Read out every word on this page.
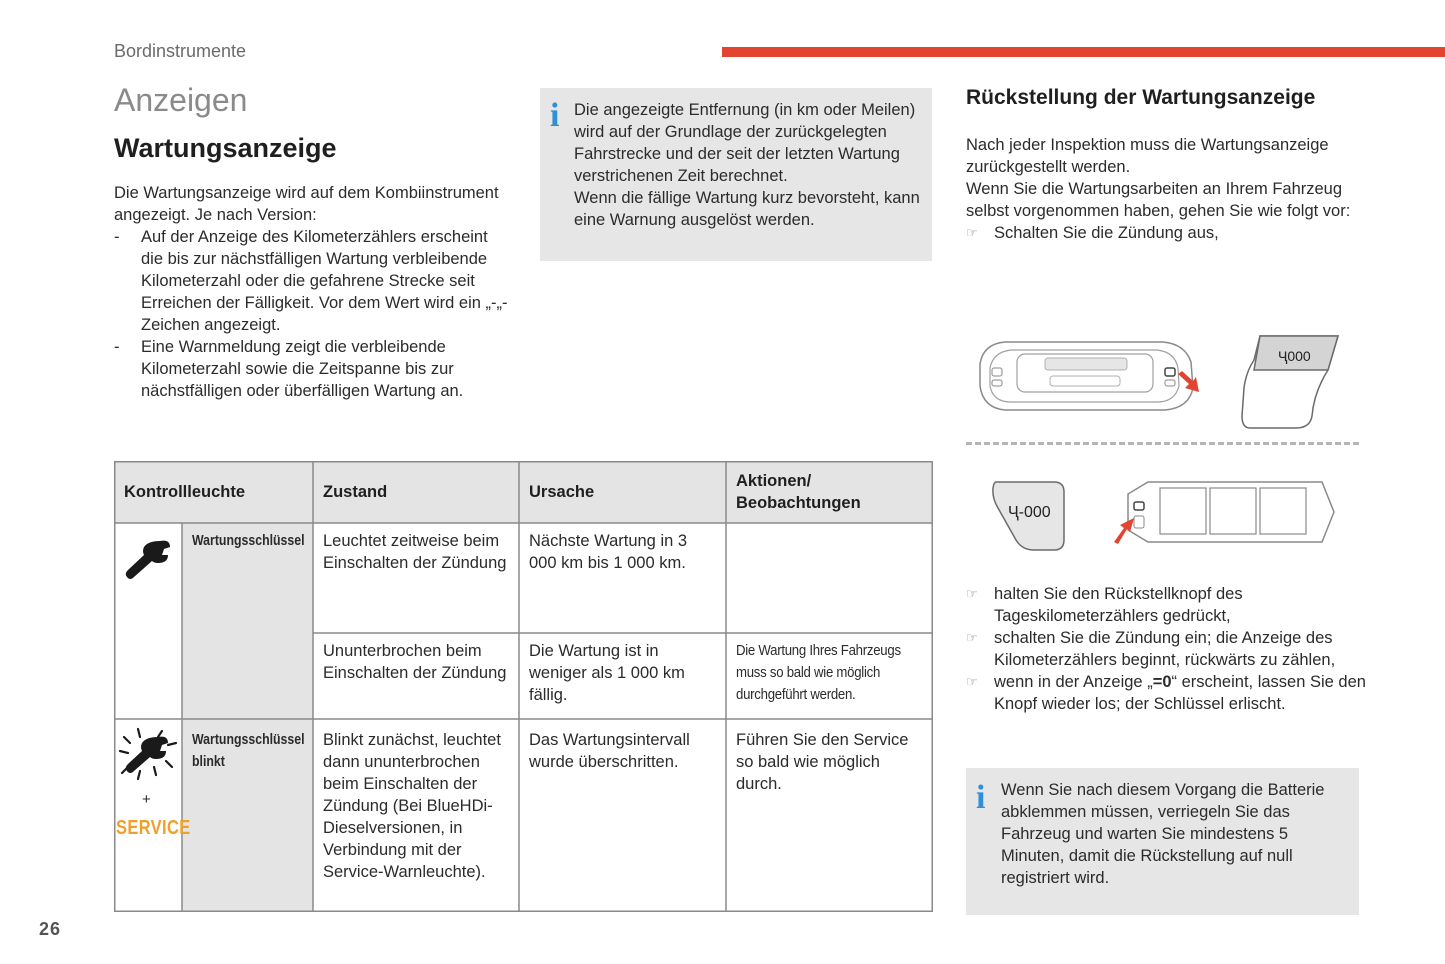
Bordinstrumente
Anzeigen
Wartungsanzeige
Die Wartungsanzeige wird auf dem Kombiinstrument angezeigt. Je nach Version:
- Auf der Anzeige des Kilometerzählers erscheint die bis zur nächstfälligen Wartung verbleibende Kilometerzahl oder die gefahrene Strecke seit Erreichen der Fälligkeit. Vor dem Wert wird ein „-„-Zeichen angezeigt.
- Eine Warnmeldung zeigt die verbleibende Kilometerzahl sowie die Zeitspanne bis zur nächstfälligen oder überfälligen Wartung an.
i Die angezeigte Entfernung (in km oder Meilen) wird auf der Grundlage der zurückgelegten Fahrstrecke und der seit der letzten Wartung verstrichenen Zeit berechnet.
Wenn die fällige Wartung kurz bevorsteht, kann eine Warnung ausgelöst werden.
Rückstellung der Wartungsanzeige
Nach jeder Inspektion muss die Wartungsanzeige zurückgestellt werden.
Wenn Sie die Wartungsarbeiten an Ihrem Fahrzeug selbst vorgenommen haben, gehen Sie wie folgt vor:
☞ Schalten Sie die Zündung aus,
Ҷ000
Ҷ-000
☞ halten Sie den Rückstellknopf des Tageskilometerzählers gedrückt,
☞ schalten Sie die Zündung ein; die Anzeige des Kilometerzählers beginnt, rückwärts zu zählen,
☞ wenn in der Anzeige „=0“ erscheint, lassen Sie den Knopf wieder los; der Schlüssel erlischt.
i Wenn Sie nach diesem Vorgang die Batterie abklemmen müssen, verriegeln Sie das Fahrzeug und warten Sie mindestens 5 Minuten, damit die Rückstellung auf null registriert wird.
Kontrollleuchte	Zustand	Ursache
Aktionen/ Beobachtungen
Wartungsschlüssel Leuchtet zeitweise beim Einschalten der Zündung
Nächste Wartung in 3 000 km bis 1 000 km.
Ununterbrochen beim Einschalten der Zündung
Die Wartung ist in weniger als 1 000 km fällig.
Die Wartung Ihres Fahrzeugs muss so bald wie möglich durchgeführt werden.
+
SERVICE
Wartungsschlüssel
blinkt
Blinkt zunächst, leuchtet dann ununterbrochen beim Einschalten der Zündung (Bei BlueHDi-Dieselversionen, in Verbindung mit der Service-Warnleuchte).
Das Wartungsintervall wurde überschritten.
Führen Sie den Service so bald wie möglich durch.
26
